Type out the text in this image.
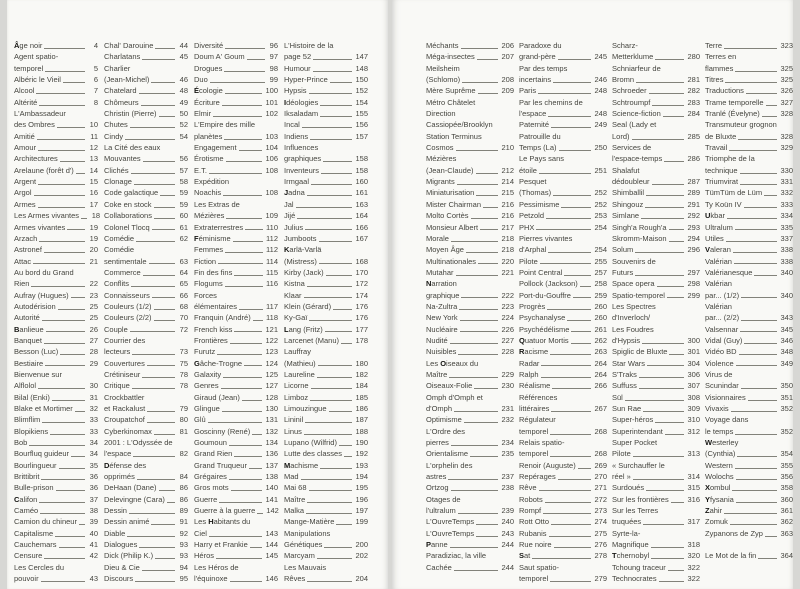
Âge noir	4
Agent spatio-
temporel	5
Albéric le Vieil	6
Alcool	7
Altérité	8
L'Ambassadeur
des Ombres	10
Amitié	11
Amour	12
Architectures	13
Arelaune (forêt d') 14
Argent	15
Argol	16
Armes	17
Les Armes vivantes 18
Armes vivantes	19
Arzach	19
Astronef	20
Attac	21
Au bord du Grand
Rien	22
Aufray (Hugues)	23
Autodérision	25
Autorité	25
Banlieue	26
Banquet	27
Besson (Luc)	28
Bestiaire	29
Bienvenue sur
Alflolol	30
Bilal (Enki)	31
Blake et Mortimer 32
Blimflim	33
Blopikiens	33
Bob	34
Bourfluq guideur	34
Bourlingueur	35
Brittibrit	36
Bulle-prison	36
Califon	37
Caméo	38
Camion du chineur 39
Capitalisme	40
Cauchemars	41
Censure	42
Les Cercles du
pouvoir	43
Chal' Darouine	44
Charlatans	45
Charlier
(Jean-Michel)	46
Chatelard	48
Chômeurs	49
Christin (Pierre)	50
Chutes	52
Cindy	54
La Cité des eaux
Mouvantes	56
Clichés	57
Clonage	58
Code galactique	59
Coke en stock	59
Collaborations	60
Colonel Tlocq	61
Comédie	62
Comédie
sentimentale	63
Commerce	64
Conflits	65
Connaisseurs	66
Couleurs (1/2)	68
Couleurs (2/2)	70
Couple	72
Courrier des
lecteurs	73
Couvertures	75
Crétiniseur	78
Critique	78
Crockbattler
et Rackalust	79
Croupatchof	80
Cyberkinomax	81
2001 : L'Odyssée de
l'espace	82
Défense des
opprimés	84
DeHaan (Dane)	86
Delevingne (Cara) 86
Dessin	89
Dessin animé	91
Diable	92
Dialogues	93
Dick (Philip K.)	93
Dieu & Cie	94
Discours	95
Diversité	96
Doum A' Goum	97
Drogues	98
Duo	99
Écologie	100
Écriture	101
Elmir	102
L'Empire des mille
planètes	103
Engagement	104
Érotisme	106
E.T.	108
Expédition
Noachis	108
Les Extras de
Mézières	109
Extraterrestres	110
Féminisme	112
Femmes	112
Fiction	114
Fin des fins	115
Flogums	116
Forces
élémentaires	117
Franquin (André) 118
French kiss	121
Frontières	122
Furutz	123
Gâche-Trogne	124
Galaxity	125
Genres	127
Giraud (Jean)	128
Glingue	130
Glû	131
Goscinny (René) 132
Goumoun	134
Grand Rien	136
Grand Truqueur 137
Grégaires	138
Gros mots	140
Guerre	141
Guerre à la guerre 142
Les Habitants du
Ciel	143
Harry et Frankie 144
Héros	145
Les Héros de
l'équinoxe	146
L'Histoire de la
page 52	147
Humour	148
Hyper-Prince	150
Hypsis	152
Idéologies	154
Iksaladam	155
Incal	156
Indiens	157
Influences
graphiques	158
Inventeurs	158
Irmgaal	160
Jadna	161
Jal	163
Jijé	164
Julius	166
Jumboots	167
Karlä-Varlä
(Mistress)	168
Kirby (Jack)	170
Kistna	172
Klaar	174
Klein (Gérard)	176
Ky-Gaï	176
Lang (Fritz)	177
Larcenet (Manu) 178
Lauffray
(Mathieu)	180
Laureline	182
Licorne	184
Limboz	185
Limouzingue	186
Lininil	187
Linus	188
Lupano (Wilfrid) 190
Lutte des classes 192
Machisme	193
Mad	194
Mai 68	195
Maître	196
Malka	197
Mange-Matière	199
Manipulations
Génétiques	200
Marcyam	202
Les Mauvais
Rêves	204
Méchants	206
Méga-insectes	207
Meilsheim
(Schlomo)	208
Mère Suprême	209
Métro Châtelet
Direction
Cassiopée/Brooklyn
Station Terminus
Cosmos	210
Mézières
(Jean-Claude)	212
Migrants	214
Miniaturisation	215
Mister Chairman	216
Molto Cortès	216
Monsieur Albert	217
Morale	218
Moyen Âge	218
Multinationales	220
Mutahar	221
Narration
graphique	222
Na-Zultra	223
New York	224
Nucléaire	226
Nudité	227
Nuisibles	228
Les Oiseaux du
Maître	229
Oiseaux-Folie	230
Omph d'Omph et
d'Omph	231
Optimisme	232
L'Ordre des
pierres	234
Orientalisme	235
L'orphelin des
astres	237
Ortzog	238
Otages de
l'ultralum	239
L'OuvreTemps	240
L'OuvreTemps	243
Panne	244
Paradiziac, la ville
Cachée	244
Paradoxe du
grand-père	245
Par des temps
incertains	246
Paris	248
Par les chemins de
l'espace	248
Paternité	249
Patrouille du
Temps (La)	250
Le Pays sans
étoile	251
Pesquet
(Thomas)	252
Pessimisme	252
Petzold	253
PHX	254
Pierres vivantes
d'Arphal	254
Pilote	255
Point Central	257
Pollock (Jackson) 258
Port-du-Gouffre	259
Progrès	260
Psychanalyse	260
Psychédélisme	261
Quatuor Mortis	262
Racisme	263
Radar	264
Ralph	264
Réalisme	266
Références
littéraires	267
Régulateur
temporel	268
Relais spatio-
temporel	268
Renoir (Auguste)	269
Repérages	270
Rêve	271
Robots	272
Rompf	273
Rott Otto	274
Rubanis	275
Rue noire	276
Sat	278
Saut spatio-
temporel	279
Scharz-
Metterklume	280
Schniarfeur de
Bromn	281
Schroeder	282
Schtroumpf	283
Science-fiction	284
Seal (Lady et
Lord)	285
Services de
l'espace-temps	286
Shalafut
dédoubleur	287
Shimballil	289
Shingouz	291
Simlane	292
Singh'a Rough'a	293
Skromm-Maison	294
Solum	296
Souvenirs de
Futurs	297
Space opera	298
Spatio-temporel	299
Les Spectres
d'Inverloch/
Les Foudres
d'Hypsis	300
Spiglic de Bluxte	301
Star Wars	304
S'Traks	306
Suffuss	307
Sül	308
Sun Rae	309
Super-héros	310
Superintendant	312
Super Pocket
Pilote	313
« Surchauffer le
réel »	314
Surdoués	315
Sur les frontières	316
Sur les Terres
truquées	317
Syrte-la-
Magnifique	318
Tchernobyl	320
Tchoung traceur	322
Technocrates	322
Terre	323
Terres en
flammes	325
Titres	325
Traductions	326
Trame temporelle 327
Tranlé (Évelyne)	328
Transmuteur grognon
de Bluxte	328
Travail	329
Triomphe de la
technique	330
Triumvirat	331
TümTüm de Lüm 332
Ty Koün IV	333
Ukbar	334
Ultralum	335
Utiles	337
Valeran	338
Valérian	338
Valérianesque	340
Valérian
par... (1/2)	340
Valérian
par... (2/2)	343
Valsennar	345
Vidal (Guy)	346
Vidéo BD	348
Violence	349
Virus de
Scunindar	350
Visionnaires	351
Vivaxis	352
Voyage dans
le temps	352
Westerley
(Cynthia)	354
Western	355
Wolochs	356
Xombul	358
Yfysania	360
Zahir	361
Zomuk	362
Zypanons de Zyp 363
Le Mot de la fin	364
